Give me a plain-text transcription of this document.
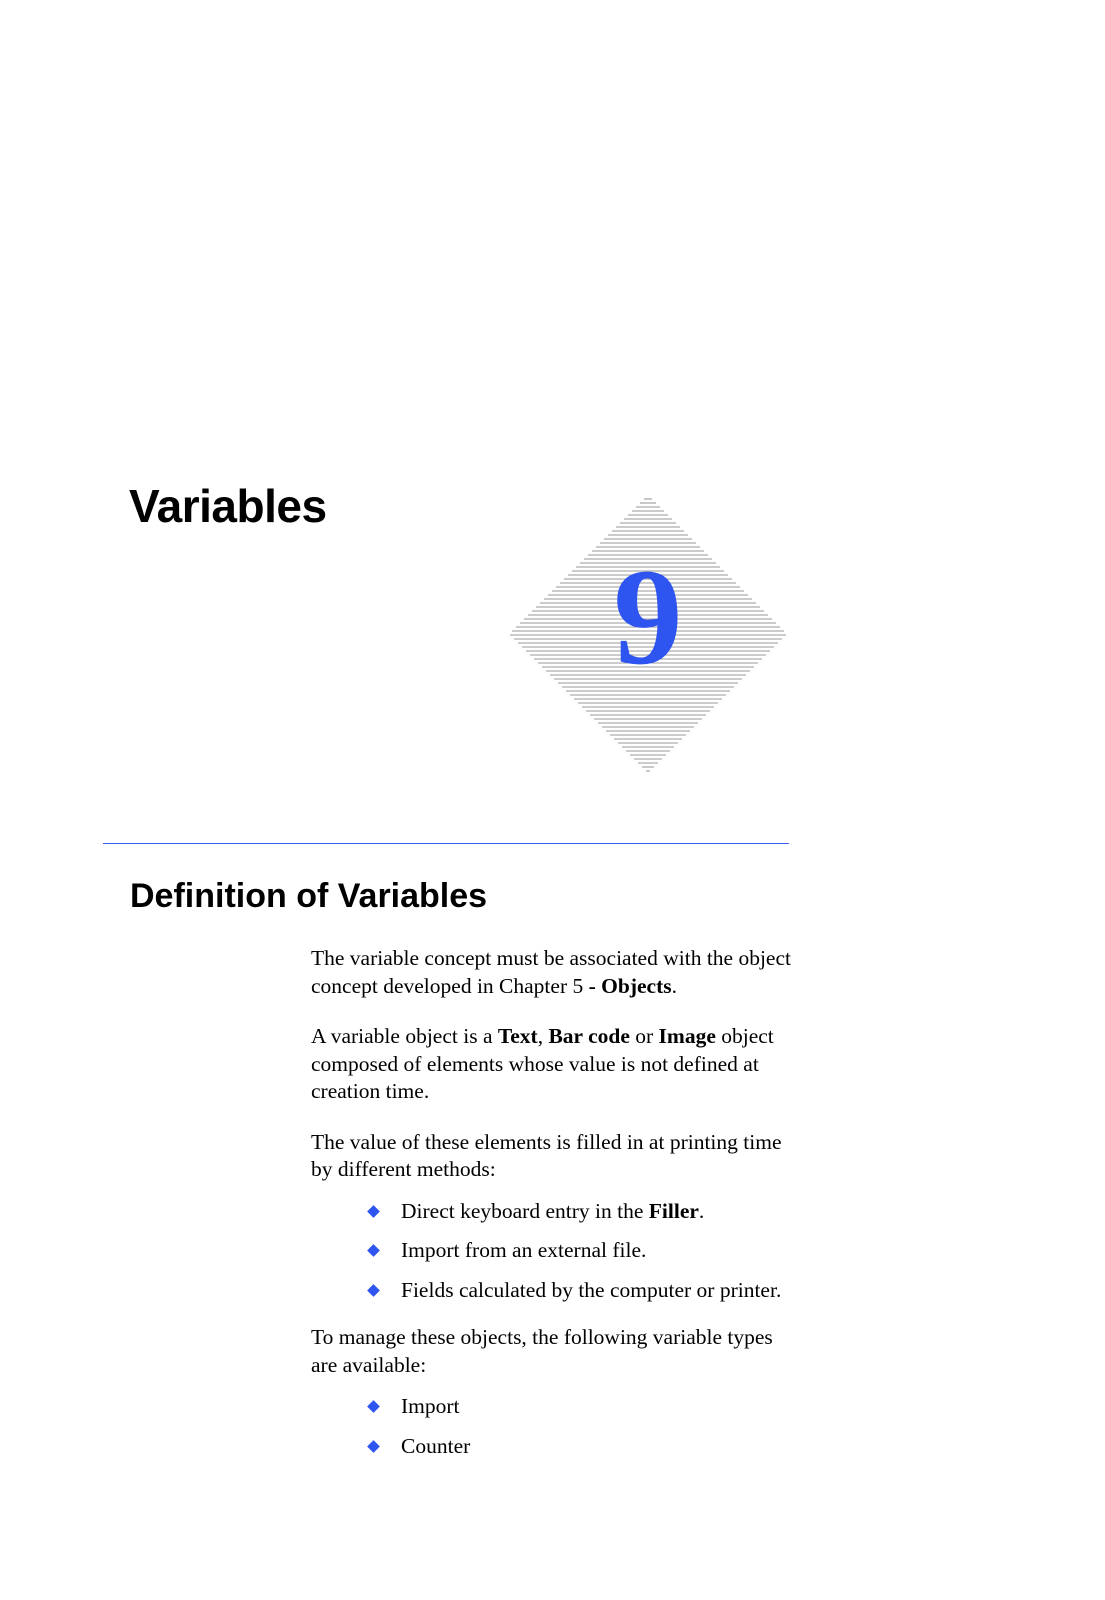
Variables
9
Definition of Variables

The variable concept must be associated with the object concept developed in Chapter 5 - Objects.

A variable object is a Text, Bar code or Image object composed of elements whose value is not defined at creation time.

The value of these elements is filled in at printing time by different methods:

Direct keyboard entry in the Filler.
Import from an external file.
Fields calculated by the computer or printer.

To manage these objects, the following variable types are available:

Import
Counter
